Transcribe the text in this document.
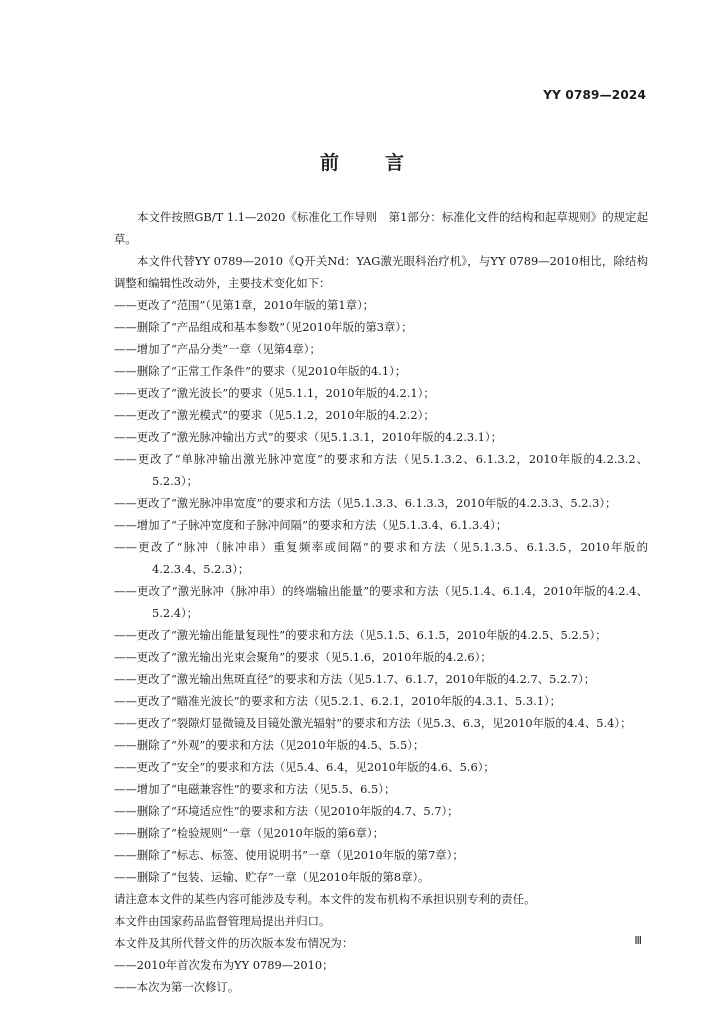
YY 0789—2024
前言

本文件按照GB/T 1.1—2020《标准化工作导则　第1部分：标准化文件的结构和起草规则》的规定起草。

本文件代替YY 0789—2010《Q开关Nd：YAG激光眼科治疗机》，与YY 0789—2010相比，除结构调整和编辑性改动外，主要技术变化如下：

——更改了“范围”（见第1章，2010年版的第1章）；

——删除了“产品组成和基本参数”（见2010年版的第3章）；

——增加了“产品分类”一章（见第4章）；

——删除了“正常工作条件”的要求（见2010年版的4.1）；

——更改了“激光波长”的要求（见5.1.1，2010年版的4.2.1）；

——更改了“激光模式”的要求（见5.1.2，2010年版的4.2.2）；

——更改了“激光脉冲输出方式”的要求（见5.1.3.1，2010年版的4.2.3.1）；

——更改了“单脉冲输出激光脉冲宽度”的要求和方法（见5.1.3.2、6.1.3.2，2010年版的4.2.3.2、5.2.3）；

——更改了“激光脉冲串宽度”的要求和方法（见5.1.3.3、6.1.3.3，2010年版的4.2.3.3、5.2.3）；

——增加了“子脉冲宽度和子脉冲间隔”的要求和方法（见5.1.3.4、6.1.3.4）；

——更改了“脉冲（脉冲串）重复频率或间隔”的要求和方法（见5.1.3.5、6.1.3.5，2010年版的4.2.3.4、5.2.3）；

——更改了“激光脉冲（脉冲串）的终端输出能量”的要求和方法（见5.1.4、6.1.4，2010年版的4.2.4、5.2.4）；

——更改了“激光输出能量复现性”的要求和方法（见5.1.5、6.1.5，2010年版的4.2.5、5.2.5）；

——更改了“激光输出光束会聚角”的要求（见5.1.6，2010年版的4.2.6）；

——更改了“激光输出焦斑直径”的要求和方法（见5.1.7、6.1.7，2010年版的4.2.7、5.2.7）；

——更改了“瞄准光波长”的要求和方法（见5.2.1、6.2.1，2010年版的4.3.1、5.3.1）；

——更改了“裂隙灯显微镜及目镜处激光辐射”的要求和方法（见5.3、6.3，见2010年版的4.4、5.4）；

——删除了“外观”的要求和方法（见2010年版的4.5、5.5）；

——更改了“安全”的要求和方法（见5.4、6.4，见2010年版的4.6、5.6）；

——增加了“电磁兼容性”的要求和方法（见5.5、6.5）；

——删除了“环境适应性”的要求和方法（见2010年版的4.7、5.7）；

——删除了“检验规则”一章（见2010年版的第6章）；

——删除了“标志、标签、使用说明书”一章（见2010年版的第7章）；

——删除了“包装、运输、贮存”一章（见2010年版的第8章）。

请注意本文件的某些内容可能涉及专利。本文件的发布机构不承担识别专利的责任。

本文件由国家药品监督管理局提出并归口。

本文件及其所代替文件的历次版本发布情况为：

——2010年首次发布为YY 0789—2010；

——本次为第一次修订。

Ⅲ
